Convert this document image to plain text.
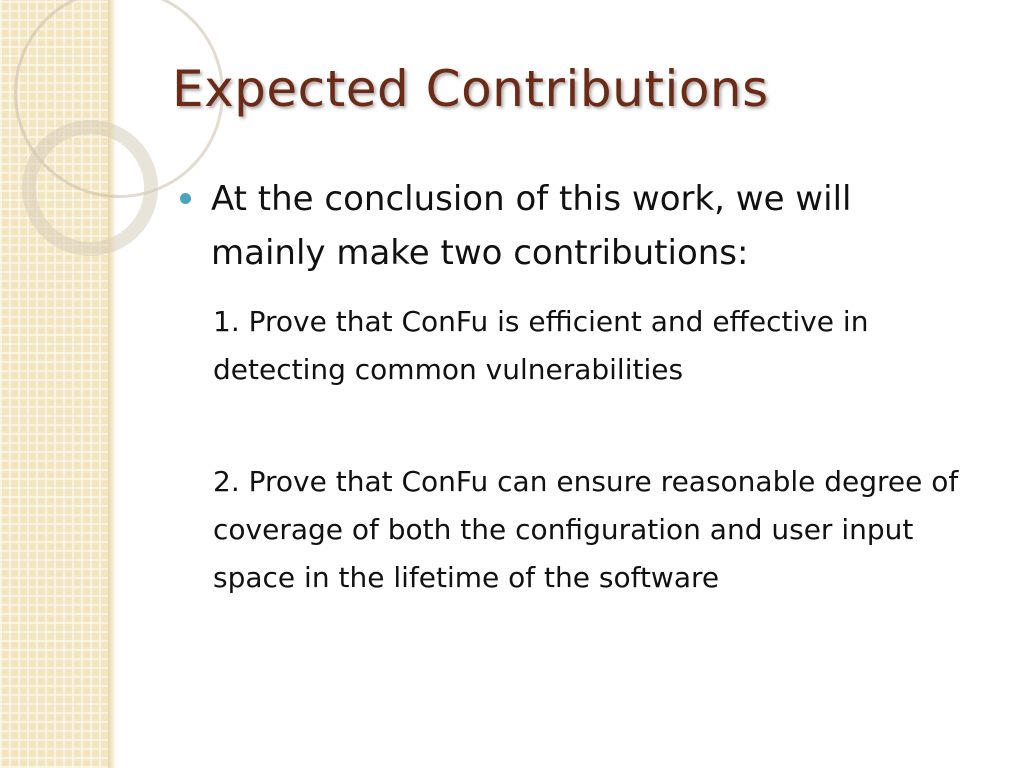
Expected Contributions
At the conclusion of this work, we will mainly make two contributions:
1. Prove that ConFu is efficient and effective in detecting common vulnerabilities
2. Prove that ConFu can ensure reasonable degree of coverage of both the configuration and user input space in the lifetime of the software
